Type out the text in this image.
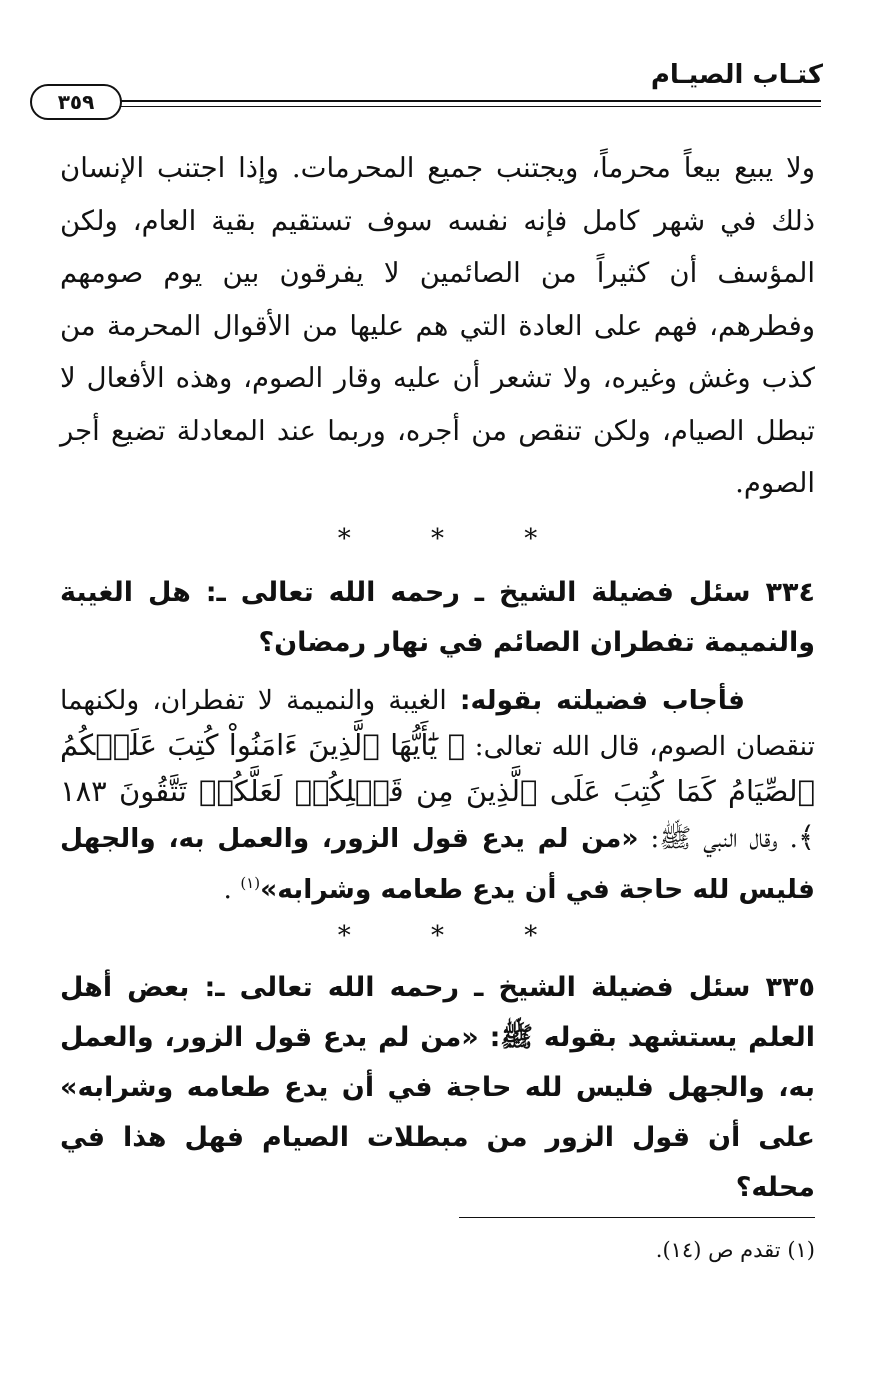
كتـاب الصيـام
٣٥٩

ولا يبيع بيعاً محرماً، ويجتنب جميع المحرمات. وإذا اجتنب الإنسان ذلك في شهر كامل فإنه نفسه سوف تستقيم بقية العام، ولكن المؤسف أن كثيراً من الصائمين لا يفرقون بين يوم صومهم وفطرهم، فهم على العادة التي هم عليها من الأقوال المحرمة من كذب وغش وغيره، ولا تشعر أن عليه وقار الصوم، وهذه الأفعال لا تبطل الصيام، ولكن تنقص من أجره، وربما عند المعادلة تضيع أجر الصوم.

* * *

٣٣٤ سئل فضيلة الشيخ ـ رحمه الله تعالى ـ: هل الغيبة والنميمة تفطران الصائم في نهار رمضان؟

فأجاب فضيلته بقوله: الغيبة والنميمة لا تفطران، ولكنهما تنقصان الصوم، قال الله تعالى: ﴿ يَٰٓأَيُّهَا ٱلَّذِينَ ءَامَنُواْ كُتِبَ عَلَيۡكُمُ ٱلصِّيَامُ كَمَا كُتِبَ عَلَى ٱلَّذِينَ مِن قَبۡلِكُمۡ لَعَلَّكُمۡ تَتَّقُونَ ١٨٣ ﴾. وقال النبي ﷺ: «من لم يدع قول الزور، والعمل به، والجهل فليس لله حاجة في أن يدع طعامه وشرابه»$^{(١)}$ .

* * *

٣٣٥ سئل فضيلة الشيخ ـ رحمه الله تعالى ـ: بعض أهل العلم يستشهد بقوله ﷺ: «من لم يدع قول الزور، والعمل به، والجهل فليس لله حاجة في أن يدع طعامه وشرابه» على أن قول الزور من مبطلات الصيام فهل هذا في محله؟

(١) تقدم ص (١٤).
